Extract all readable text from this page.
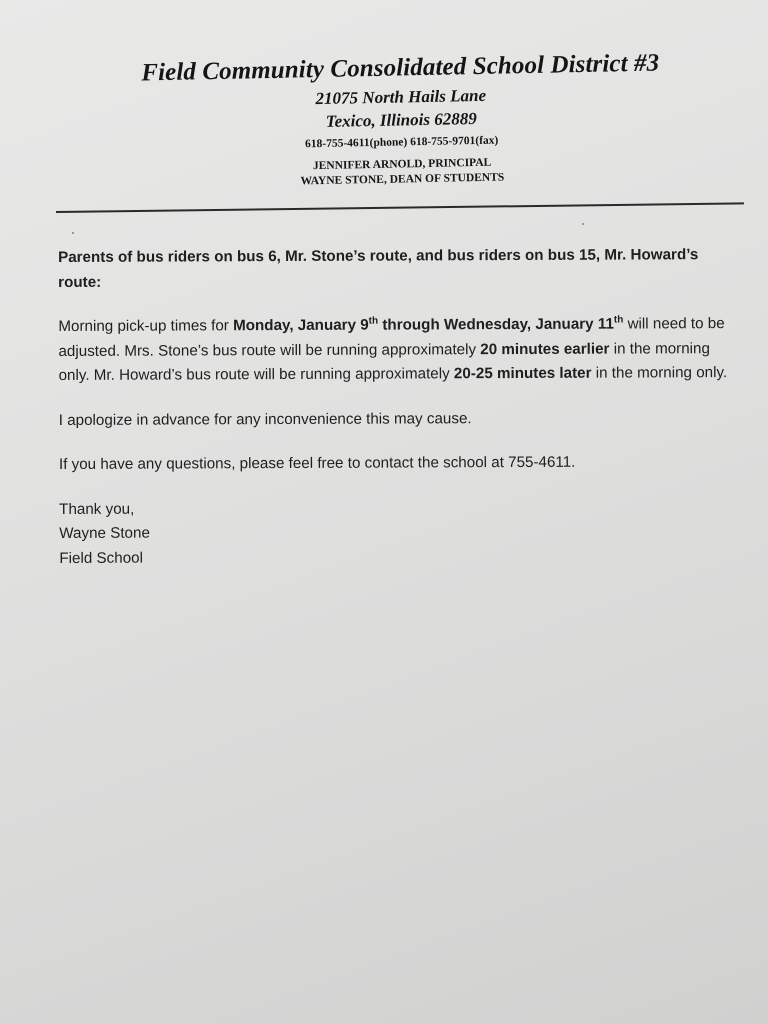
Field Community Consolidated School District #3
21075 North Hails Lane
Texico, Illinois 62889
618-755-4611(phone) 618-755-9701(fax)
JENNIFER ARNOLD, PRINCIPAL
WAYNE STONE, DEAN OF STUDENTS

Parents of bus riders on bus 6, Mr. Stone’s route, and bus riders on bus 15, Mr. Howard’s route:

Morning pick-up times for Monday, January 9th through Wednesday, January 11th will need to be adjusted. Mrs. Stone’s bus route will be running approximately 20 minutes earlier in the morning only. Mr. Howard’s bus route will be running approximately 20-25 minutes later in the morning only.

I apologize in advance for any inconvenience this may cause.

If you have any questions, please feel free to contact the school at 755-4611.

Thank you,
Wayne Stone
Field School
